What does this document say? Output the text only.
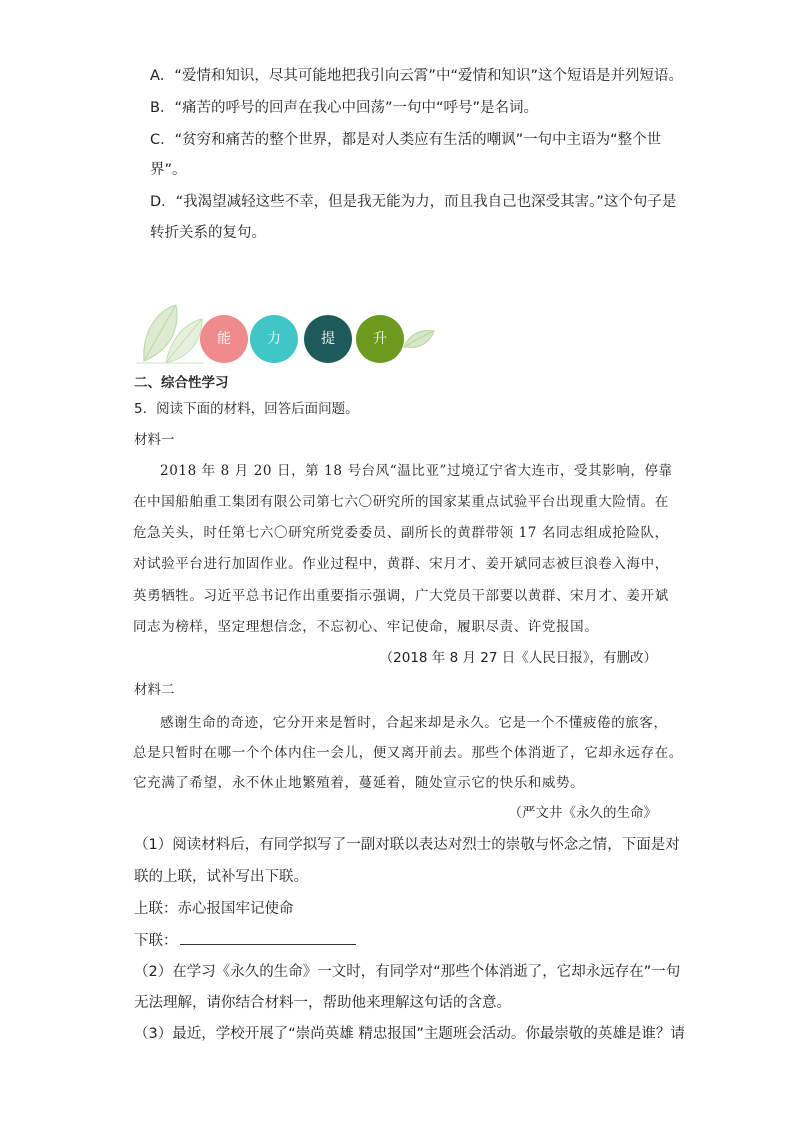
A．“爱情和知识，尽其可能地把我引向云霄”中“爱情和知识”这个短语是并列短语。
B．“痛苦的呼号的回声在我心中回荡”一句中“呼号”是名词。
C．“贫穷和痛苦的整个世界，都是对人类应有生活的嘲讽”一句中主语为“整个世
界”。
D．“我渴望减轻这些不幸，但是我无能为力，而且我自己也深受其害。”这个句子是
转折关系的复句。
能	力	提	升
二、综合性学习
5．阅读下面的材料，回答后面问题。
材料一
2018 年 8 月 20 日，第 18 号台风“温比亚”过境辽宁省大连市，受其影响，停靠
在中国船舶重工集团有限公司第七六〇研究所的国家某重点试验平台出现重大险情。在
危急关头，时任第七六〇研究所党委委员、副所长的黄群带领 17 名同志组成抢险队，
对试验平台进行加固作业。作业过程中，黄群、宋月才、姜开斌同志被巨浪卷入海中，
英勇牺牲。习近平总书记作出重要指示强调，广大党员干部要以黄群、宋月才、姜开斌
同志为榜样，坚定理想信念，不忘初心、牢记使命，履职尽责、许党报国。
（2018 年 8 月 27 日《人民日报》，有删改）
材料二
感谢生命的奇迹，它分开来是暂时，合起来却是永久。它是一个不懂疲倦的旅客，
总是只暂时在哪一个个体内住一会儿，便又离开前去。那些个体消逝了，它却永远存在。
它充满了希望，永不休止地繁殖着，蔓延着，随处宣示它的快乐和威势。
（严文井《永久的生命》
（1）阅读材料后，有同学拟写了一副对联以表达对烈士的崇敬与怀念之情，下面是对
联的上联，试补写出下联。
上联：赤心报国牢记使命
下联：
（2）在学习《永久的生命》一文时，有同学对“那些个体消逝了，它却永远存在”一句
无法理解，请你结合材料一，帮助他来理解这句话的含意。
（3）最近，学校开展了“崇尚英雄 精忠报国”主题班会活动。你最崇敬的英雄是谁？请
